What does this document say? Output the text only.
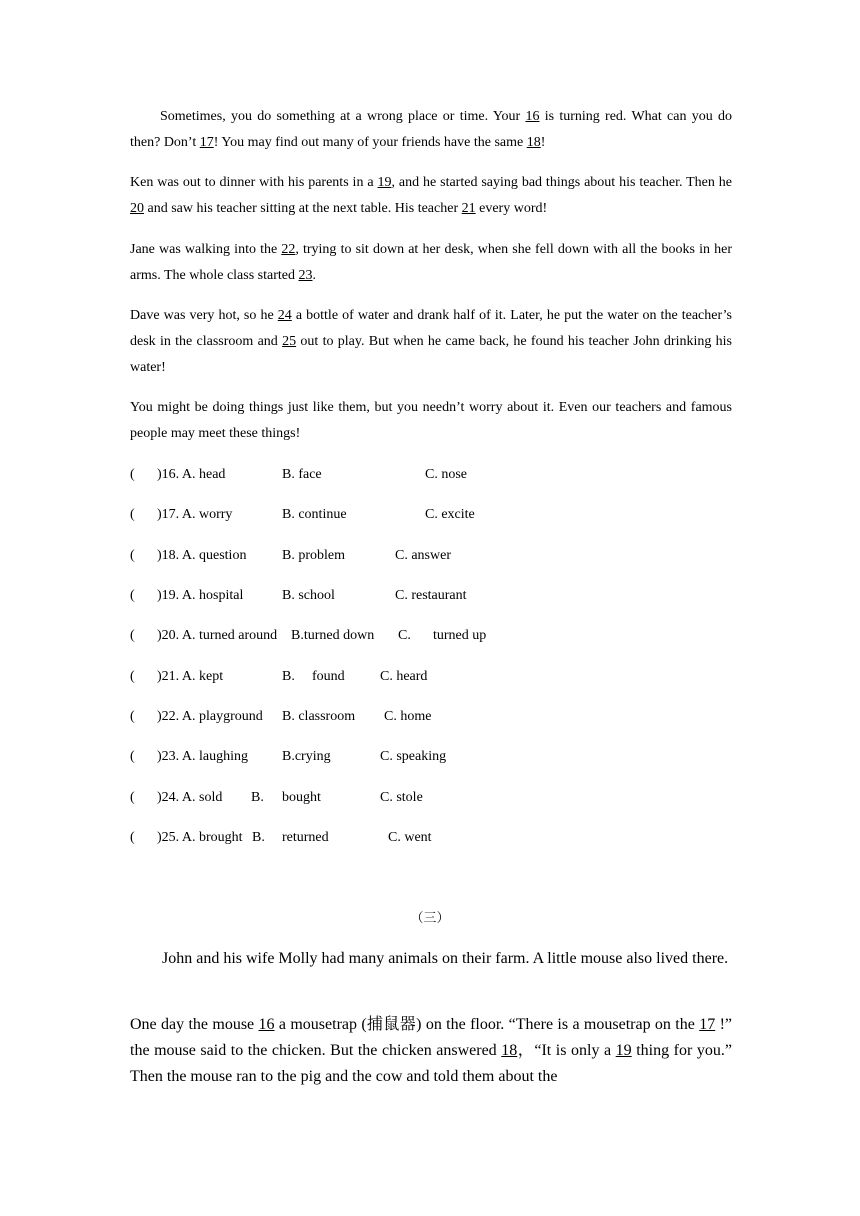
Sometimes, you do something at a wrong place or time. Your 16 is turning red. What can you do then? Don’t 17! You may find out many of your friends have the same 18!

Ken was out to dinner with his parents in a 19, and he started saying bad things about his teacher. Then he 20 and saw his teacher sitting at the next table. His teacher 21 every word!

Jane was walking into the 22, trying to sit down at her desk, when she fell down with all the books in her arms. The whole class started 23.

Dave was very hot, so he 24 a bottle of water and drank half of it. Later, he put the water on the teacher’s desk in the classroom and 25 out to play. But when he came back, he found his teacher John drinking his water!

You might be doing things just like them, but you needn’t worry about it. Even our teachers and famous people may meet these things!

( )16. A. head	B. face	C. nose
( )17. A. worry	B. continue	C. excite
( )18. A. question	B. problem	C. answer
( )19. A. hospital	B. school	C. restaurant
( )20. A. turned around B.turned down C. turned up
( )21. A. kept	B. found	C. heard
( )22. A. playground B. classroom C. home
( )23. A. laughing B.crying	C. speaking
( )24. A. sold B. bought	C. stole
( )25. A. brought B. returned	C. went
（三）

John and his wife Molly had many animals on their farm. A little mouse also lived there.

One day the mouse 16 a mousetrap (捕鼠器) on the floor. “There is a mousetrap on the 17 !” the mouse said to the chicken. But the chicken answered 18，“It is only a 19 thing for you.” Then the mouse ran to the pig and the cow and told them about the
